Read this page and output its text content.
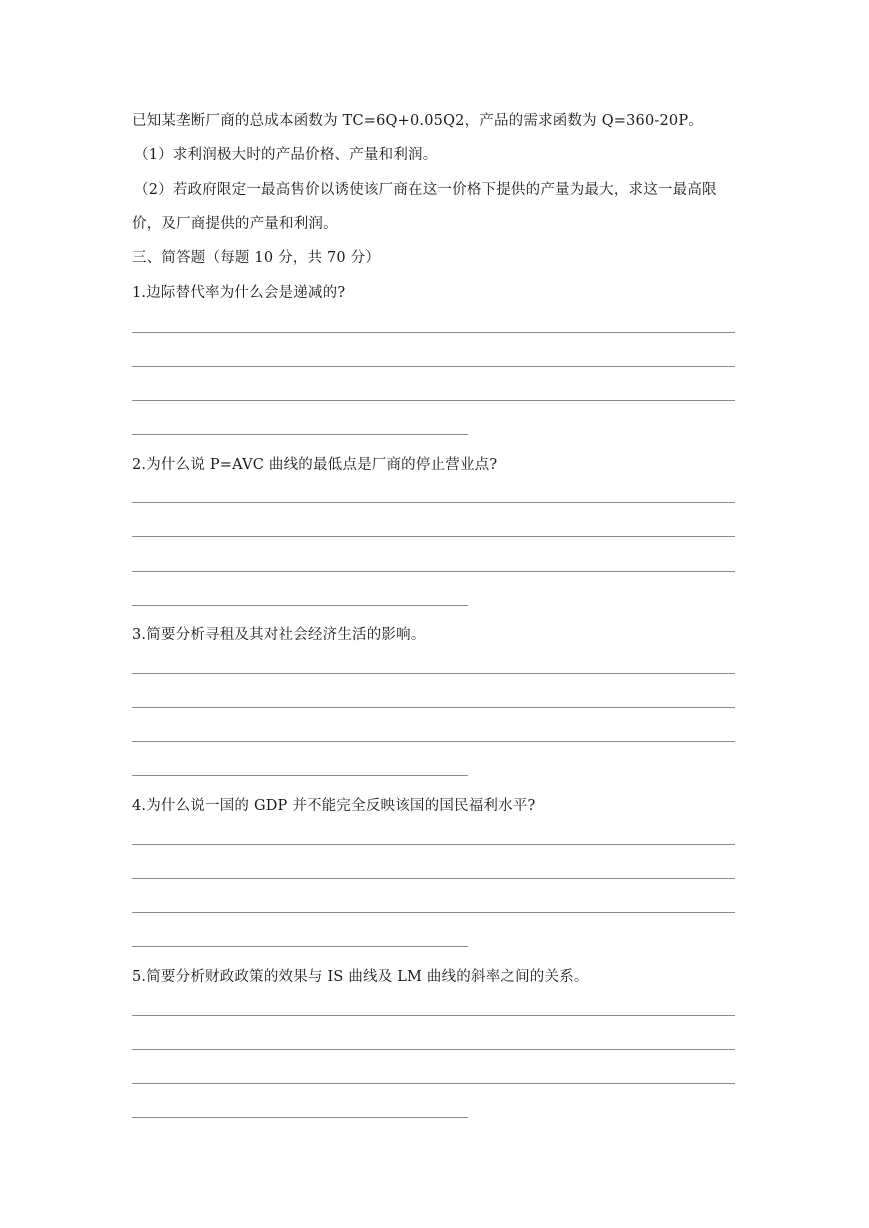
已知某垄断厂商的总成本函数为 TC=6Q+0.05Q2，产品的需求函数为 Q=360-20P。
（1）求利润极大时的产品价格、产量和利润。
（2）若政府限定一最高售价以诱使该厂商在这一价格下提供的产量为最大，求这一最高限
价，及厂商提供的产量和利润。
三、简答题（每题 10 分，共 70 分）
1.边际替代率为什么会是递减的?
2.为什么说 P=AVC 曲线的最低点是厂商的停止营业点?
3.简要分析寻租及其对社会经济生活的影响。
4.为什么说一国的 GDP 并不能完全反映该国的国民福利水平?
5.简要分析财政政策的效果与 IS 曲线及 LM 曲线的斜率之间的关系。
